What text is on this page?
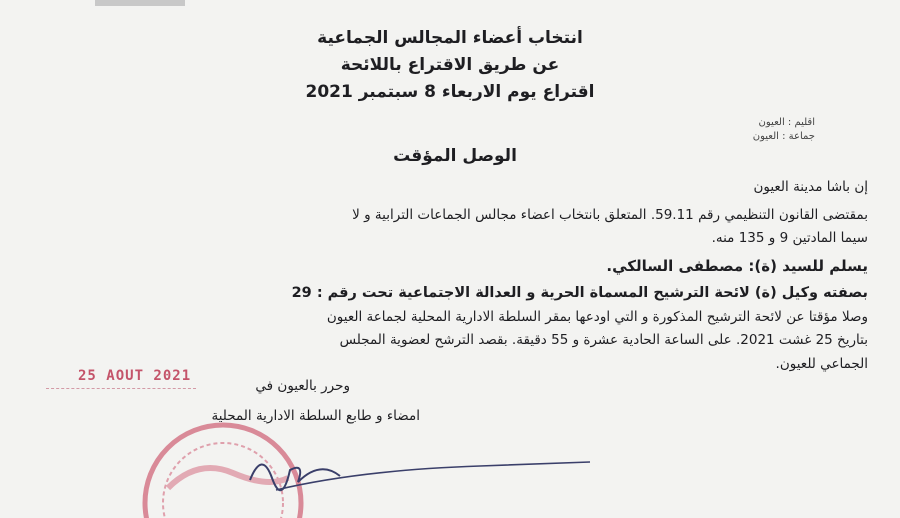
انتخاب أعضاء المجالس الجماعية
عن طريق الاقتراع باللائحة
اقتراع يوم الاربعاء 8 سبتمبر 2021
اقليم : العيون
جماعة : العيون
الوصل المؤقت
إن باشا مدينة العيون
بمقتضى القانون التنظيمي رقم 59.11. المتعلق بانتخاب اعضاء مجالس الجماعات الترابية و لا
سيما المادتين 9 و 135 منه.
يسلم للسيد (ة): مصطفى السالكي.
بصفته وكيل (ة) لائحة الترشيح المسماة الحرية و العدالة الاجتماعية تحت رقم : 29
وصلا مؤقتا عن لائحة الترشيح المذكورة و التي اودعها بمقر السلطة الادارية المحلية لجماعة العيون
بتاريخ 25 غشت 2021. على الساعة الحادية عشرة و 55 دقيقة. بقصد الترشح لعضوية المجلس
الجماعي للعيون.
وحرر بالعيون في
امضاء و طابع السلطة الادارية المحلية
25 AOUT 2021
